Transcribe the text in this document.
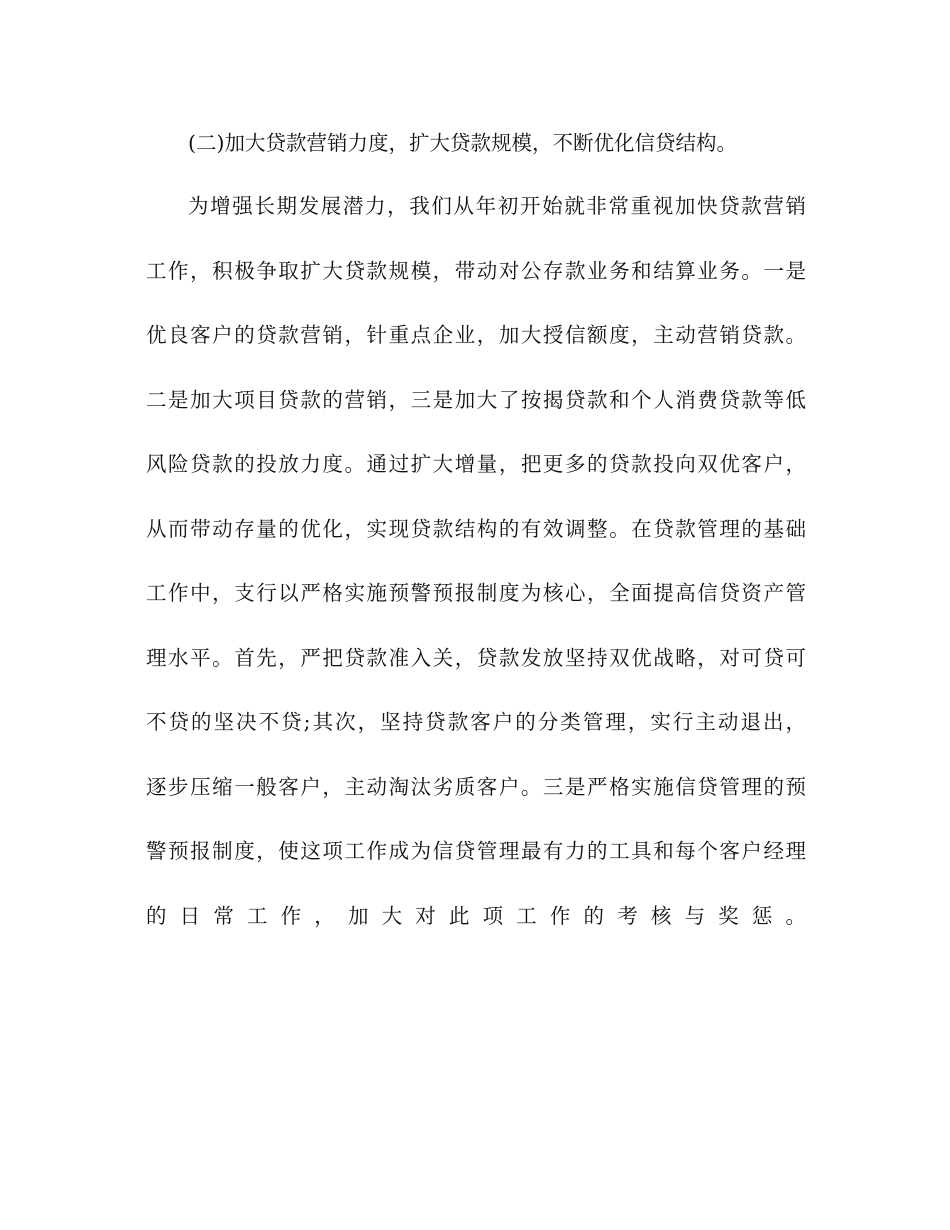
(二)加大贷款营销力度，扩大贷款规模，不断优化信贷结构。
为增强长期发展潜力，我们从年初开始就非常重视加快贷款营销
工作，积极争取扩大贷款规模，带动对公存款业务和结算业务。一是
优良客户的贷款营销，针重点企业，加大授信额度，主动营销贷款。
二是加大项目贷款的营销，三是加大了按揭贷款和个人消费贷款等低
风险贷款的投放力度。通过扩大增量，把更多的贷款投向双优客户，
从而带动存量的优化，实现贷款结构的有效调整。在贷款管理的基础
工作中，支行以严格实施预警预报制度为核心，全面提高信贷资产管
理水平。首先，严把贷款准入关，贷款发放坚持双优战略，对可贷可
不贷的坚决不贷;其次，坚持贷款客户的分类管理，实行主动退出，
逐步压缩一般客户，主动淘汰劣质客户。三是严格实施信贷管理的预
警预报制度，使这项工作成为信贷管理最有力的工具和每个客户经理
的日常工作，加大对此项工作的考核与奖惩。
